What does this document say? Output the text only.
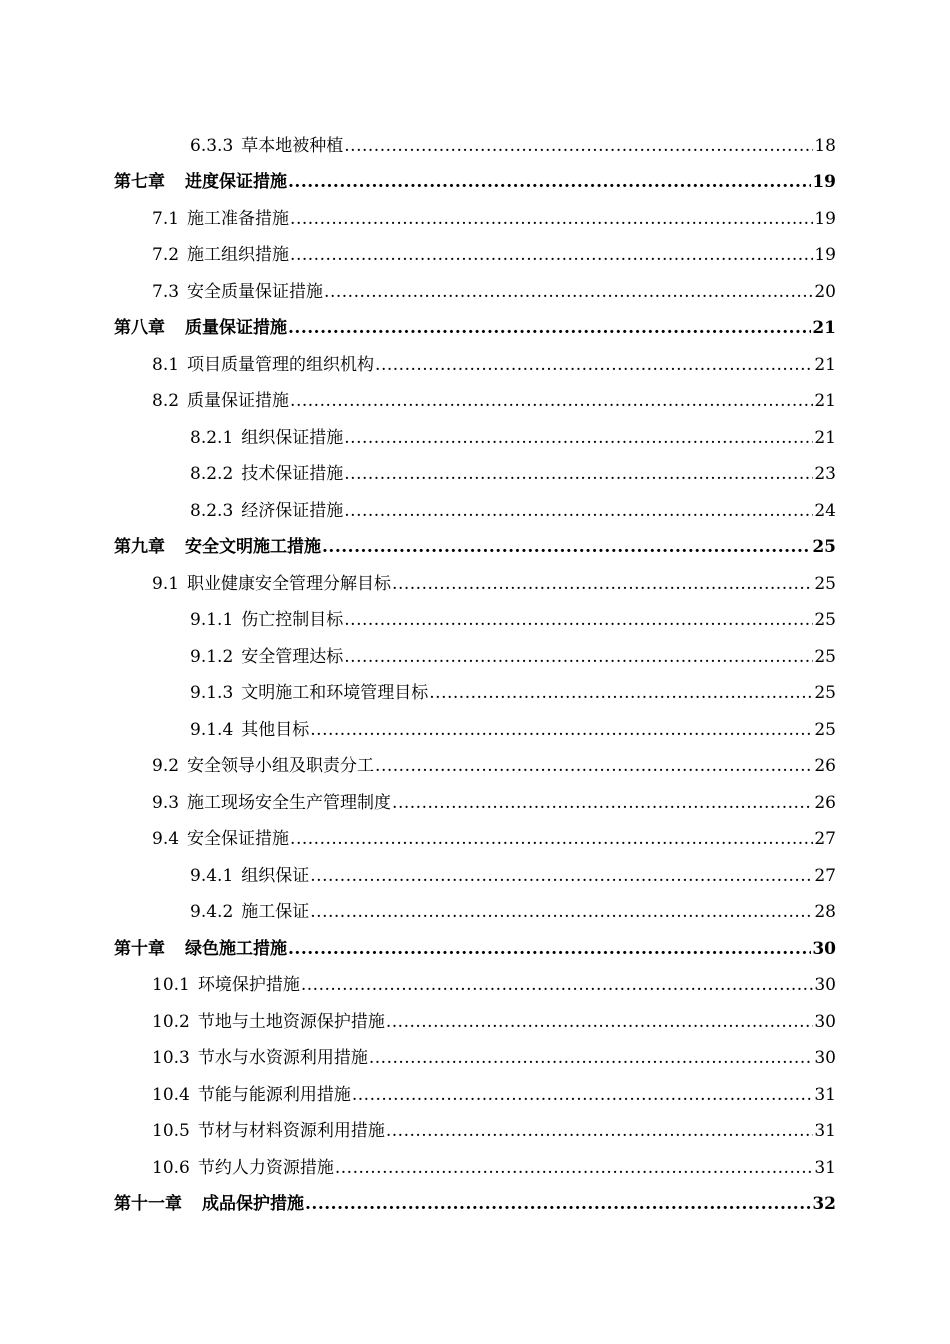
6.3.3 草本地被种植 .....	18
第七章 进度保证措施 .....	19
7.1 施工准备措施 .....	19
7.2 施工组织措施 .....	19
7.3 安全质量保证措施 .....	20
第八章 质量保证措施 .....	21
8.1 项目质量管理的组织机构 .....	21
8.2 质量保证措施 .....	21
8.2.1 组织保证措施 .....	21
8.2.2 技术保证措施 .....	23
8.2.3 经济保证措施 .....	24
第九章 安全文明施工措施 .....	25
9.1 职业健康安全管理分解目标 .....	25
9.1.1 伤亡控制目标 .....	25
9.1.2 安全管理达标 .....	25
9.1.3 文明施工和环境管理目标 .....	25
9.1.4 其他目标 .....	25
9.2 安全领导小组及职责分工 .....	26
9.3 施工现场安全生产管理制度 .....	26
9.4 安全保证措施 .....	27
9.4.1 组织保证 .....	27
9.4.2 施工保证 .....	28
第十章 绿色施工措施 .....	30
10.1 环境保护措施 .....	30
10.2 节地与土地资源保护措施 .....	30
10.3 节水与水资源利用措施 .....	30
10.4 节能与能源利用措施 .....	31
10.5 节材与材料资源利用措施 .....	31
10.6 节约人力资源措施 .....	31
第十一章 成品保护措施 .....	32
